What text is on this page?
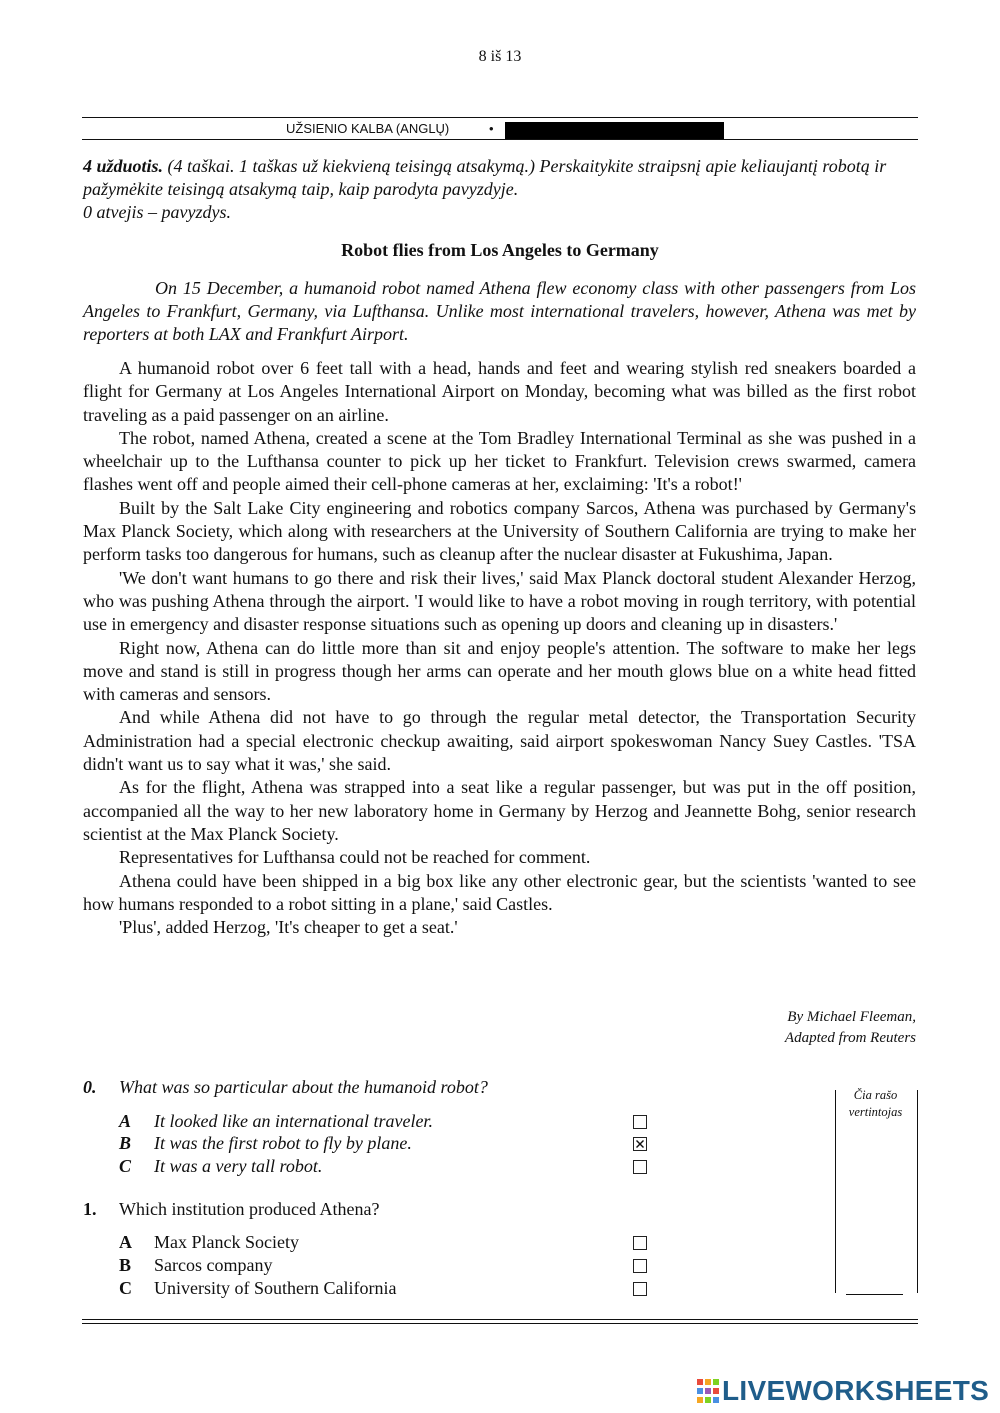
8 iš 13
UŽSIENIO KALBA (ANGLŲ)	•
4 užduotis. (4 taškai. 1 taškas už kiekvieną teisingą atsakymą.) Perskaitykite straipsnį apie keliaujantį robotą ir pažymėkite teisingą atsakymą taip, kaip parodyta pavyzdyje.
0 atvejis – pavyzdys.
Robot flies from Los Angeles to Germany
On 15 December, a humanoid robot named Athena flew economy class with other passengers from Los Angeles to Frankfurt, Germany, via Lufthansa. Unlike most international travelers, however, Athena was met by reporters at both LAX and Frankfurt Airport.

A humanoid robot over 6 feet tall with a head, hands and feet and wearing stylish red sneakers boarded a flight for Germany at Los Angeles International Airport on Monday, becoming what was billed as the first robot traveling as a paid passenger on an airline.

The robot, named Athena, created a scene at the Tom Bradley International Terminal as she was pushed in a wheelchair up to the Lufthansa counter to pick up her ticket to Frankfurt. Television crews swarmed, camera flashes went off and people aimed their cell-phone cameras at her, exclaiming: 'It's a robot!'

Built by the Salt Lake City engineering and robotics company Sarcos, Athena was purchased by Germany's Max Planck Society, which along with researchers at the University of Southern California are trying to make her perform tasks too dangerous for humans, such as cleanup after the nuclear disaster at Fukushima, Japan.

'We don't want humans to go there and risk their lives,' said Max Planck doctoral student Alexander Herzog, who was pushing Athena through the airport. 'I would like to have a robot moving in rough territory, with potential use in emergency and disaster response situations such as opening up doors and cleaning up in disasters.'

Right now, Athena can do little more than sit and enjoy people's attention. The software to make her legs move and stand is still in progress though her arms can operate and her mouth glows blue on a white head fitted with cameras and sensors.

And while Athena did not have to go through the regular metal detector, the Transportation Security Administration had a special electronic checkup awaiting, said airport spokeswoman Nancy Suey Castles. 'TSA didn't want us to say what it was,' she said.

As for the flight, Athena was strapped into a seat like a regular passenger, but was put in the off position, accompanied all the way to her new laboratory home in Germany by Herzog and Jeannette Bohg, senior research scientist at the Max Planck Society.

Representatives for Lufthansa could not be reached for comment.

Athena could have been shipped in a big box like any other electronic gear, but the scientists 'wanted to see how humans responded to a robot sitting in a plane,' said Castles.

'Plus', added Herzog, 'It's cheaper to get a seat.'

By Michael Fleeman,
Adapted from Reuters
0. What was so particular about the humanoid robot?
A It looked like an international traveler.
B It was the first robot to fly by plane.
C It was a very tall robot.
1. Which institution produced Athena?
A Max Planck Society
B Sarcos company
C University of Southern California
Čia rašo
vertintojas
LIVEWORKSHEETS
